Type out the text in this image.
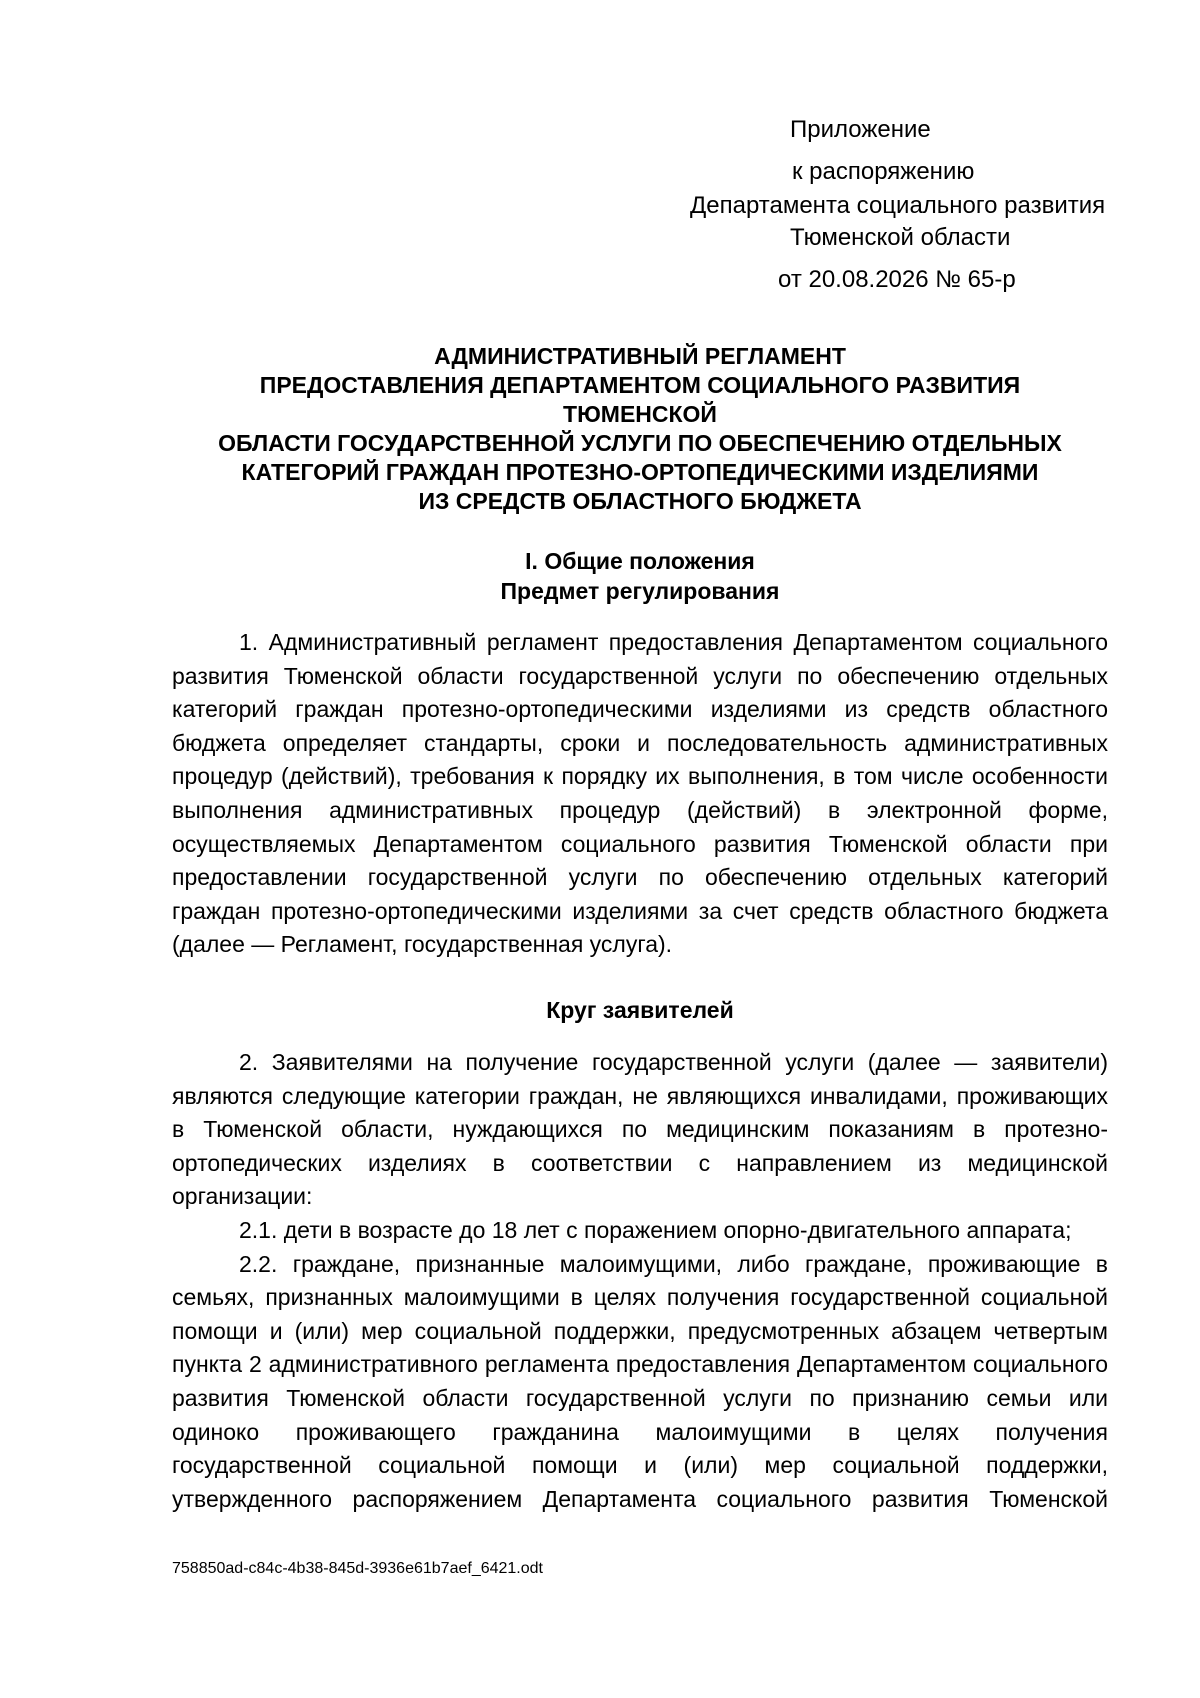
Приложение
к распоряжению
Департамента социального развития
Тюменской области
от 20.08.2026 № 65-р
АДМИНИСТРАТИВНЫЙ РЕГЛАМЕНТ
ПРЕДОСТАВЛЕНИЯ ДЕПАРТАМЕНТОМ СОЦИАЛЬНОГО РАЗВИТИЯ
ТЮМЕНСКОЙ
ОБЛАСТИ ГОСУДАРСТВЕННОЙ УСЛУГИ ПО ОБЕСПЕЧЕНИЮ ОТДЕЛЬНЫХ
КАТЕГОРИЙ ГРАЖДАН ПРОТЕЗНО-ОРТОПЕДИЧЕСКИМИ ИЗДЕЛИЯМИ
ИЗ СРЕДСТВ ОБЛАСТНОГО БЮДЖЕТА
I. Общие положения
Предмет регулирования

1. Административный регламент предоставления Департаментом социального развития Тюменской области государственной услуги по обеспечению отдельных категорий граждан протезно-ортопедическими изделиями из средств областного бюджета определяет стандарты, сроки и последовательность административных процедур (действий), требования к порядку их выполнения, в том числе особенности выполнения административных процедур (действий) в электронной форме, осуществляемых Департаментом социального развития Тюменской области при предоставлении государственной услуги по обеспечению отдельных категорий граждан протезно-ортопедическими изделиями за счет средств областного бюджета (далее — Регламент, государственная услуга).

Круг заявителей

2. Заявителями на получение государственной услуги (далее — заявители) являются следующие категории граждан, не являющихся инвалидами, проживающих в Тюменской области, нуждающихся по медицинским показаниям в протезно-ортопедических изделиях в соответствии с направлением из медицинской организации:

2.1. дети в возрасте до 18 лет с поражением опорно-двигательного аппарата;

2.2. граждане, признанные малоимущими, либо граждане, проживающие в семьях, признанных малоимущими в целях получения государственной социальной помощи и (или) мер социальной поддержки, предусмотренных абзацем четвертым пункта 2 административного регламента предоставления Департаментом социального развития Тюменской области государственной услуги по признанию семьи или одиноко проживающего гражданина малоимущими в целях получения государственной социальной помощи и (или) мер социальной поддержки, утвержденного распоряжением Департамента социального развития Тюменской

758850ad-c84c-4b38-845d-3936e61b7aef_6421.odt
